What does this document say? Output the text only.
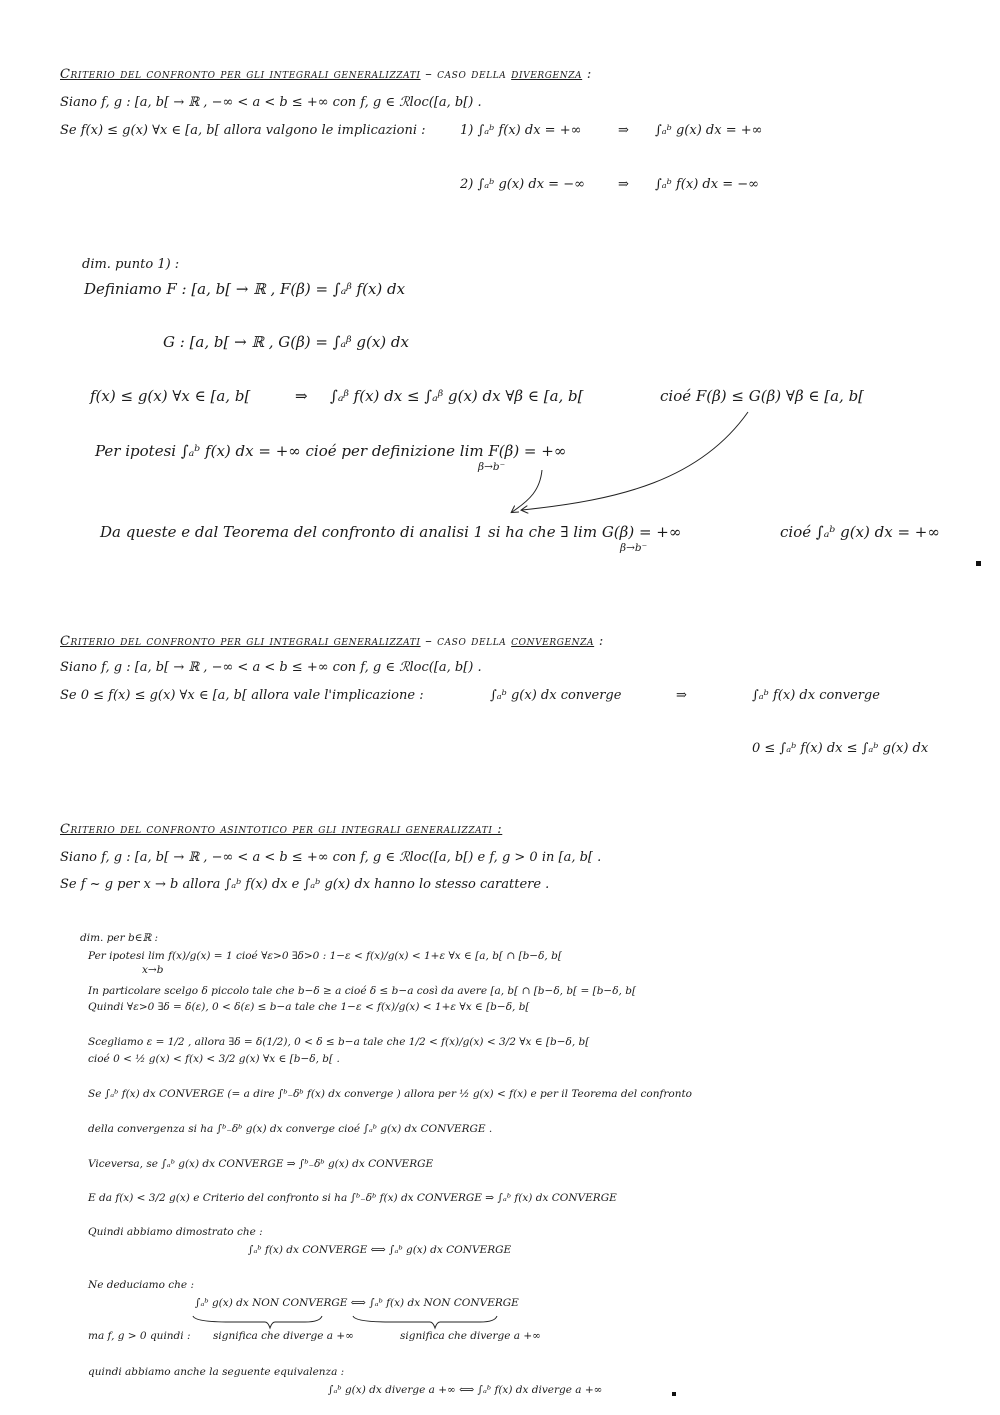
Criterio del confronto per gli integrali generalizzati – caso della divergenza :
Siano f, g : [a, b[ → ℝ , −∞ < a < b ≤ +∞ con f, g ∈ ℛloc([a, b[) .
Se f(x) ≤ g(x) ∀x ∈ [a, b[ allora valgono le implicazioni :	1) ∫ₐᵇ f(x) dx = +∞	⇒ ∫ₐᵇ g(x) dx = +∞
2) ∫ₐᵇ g(x) dx = −∞	⇒ ∫ₐᵇ f(x) dx = −∞
dim. punto 1) :
Definiamo F : [a, b[ → ℝ , F(β) = ∫ₐᵝ f(x) dx
G : [a, b[ → ℝ , G(β) = ∫ₐᵝ g(x) dx
f(x) ≤ g(x) ∀x ∈ [a, b[	⇒ ∫ₐᵝ f(x) dx ≤ ∫ₐᵝ g(x) dx ∀β ∈ [a, b[	cioé F(β) ≤ G(β) ∀β ∈ [a, b[
Per ipotesi ∫ₐᵇ f(x) dx = +∞ cioé per definizione lim F(β) = +∞
β→b⁻
Da queste e dal Teorema del confronto di analisi 1 si ha che ∃ lim G(β) = +∞
β→b⁻
cioé ∫ₐᵇ g(x) dx = +∞
Criterio del confronto per gli integrali generalizzati – caso della convergenza :
Siano f, g : [a, b[ → ℝ , −∞ < a < b ≤ +∞ con f, g ∈ ℛloc([a, b[) .
Se 0 ≤ f(x) ≤ g(x) ∀x ∈ [a, b[ allora vale l'implicazione :	∫ₐᵇ g(x) dx converge	⇒	∫ₐᵇ f(x) dx converge
0 ≤ ∫ₐᵇ f(x) dx ≤ ∫ₐᵇ g(x) dx
Criterio del confronto asintotico per gli integrali generalizzati :
Siano f, g : [a, b[ → ℝ , −∞ < a < b ≤ +∞ con f, g ∈ ℛloc([a, b[) e f, g > 0 in [a, b[ .
Se f ~ g per x → b allora ∫ₐᵇ f(x) dx e ∫ₐᵇ g(x) dx hanno lo stesso carattere .
dim. per b∈ℝ :
Per ipotesi lim f(x)/g(x) = 1 cioé ∀ε>0 ∃δ>0 : 1−ε < f(x)/g(x) < 1+ε ∀x ∈ [a, b[ ∩ [b−δ, b[
x→b
In particolare scelgo δ piccolo tale che b−δ ≥ a cioé δ ≤ b−a così da avere [a, b[ ∩ [b−δ, b[ = [b−δ, b[
Quindi ∀ε>0 ∃δ = δ(ε), 0 < δ(ε) ≤ b−a tale che 1−ε < f(x)/g(x) < 1+ε ∀x ∈ [b−δ, b[
Scegliamo ε = 1/2 , allora ∃δ = δ(1/2), 0 < δ ≤ b−a tale che 1/2 < f(x)/g(x) < 3/2 ∀x ∈ [b−δ, b[
cioé 0 < ½ g(x) < f(x) < 3/2 g(x) ∀x ∈ [b−δ, b[ .
Se ∫ₐᵇ f(x) dx CONVERGE (= a dire ∫ᵇ₋δᵇ f(x) dx converge ) allora per ½ g(x) < f(x) e per il Teorema del confronto
della convergenza si ha ∫ᵇ₋δᵇ g(x) dx converge cioé ∫ₐᵇ g(x) dx CONVERGE .
Viceversa, se ∫ₐᵇ g(x) dx CONVERGE ⇒ ∫ᵇ₋δᵇ g(x) dx CONVERGE
E da f(x) < 3/2 g(x) e Criterio del confronto si ha ∫ᵇ₋δᵇ f(x) dx CONVERGE ⇒ ∫ₐᵇ f(x) dx CONVERGE
Quindi abbiamo dimostrato che :
∫ₐᵇ f(x) dx CONVERGE ⟺ ∫ₐᵇ g(x) dx CONVERGE
Ne deduciamo che :
∫ₐᵇ g(x) dx NON CONVERGE ⟺ ∫ₐᵇ f(x) dx NON CONVERGE
ma f, g > 0 quindi : significa che diverge a +∞	significa che diverge a +∞
quindi abbiamo anche la seguente equivalenza :
∫ₐᵇ g(x) dx diverge a +∞ ⟺ ∫ₐᵇ f(x) dx diverge a +∞
